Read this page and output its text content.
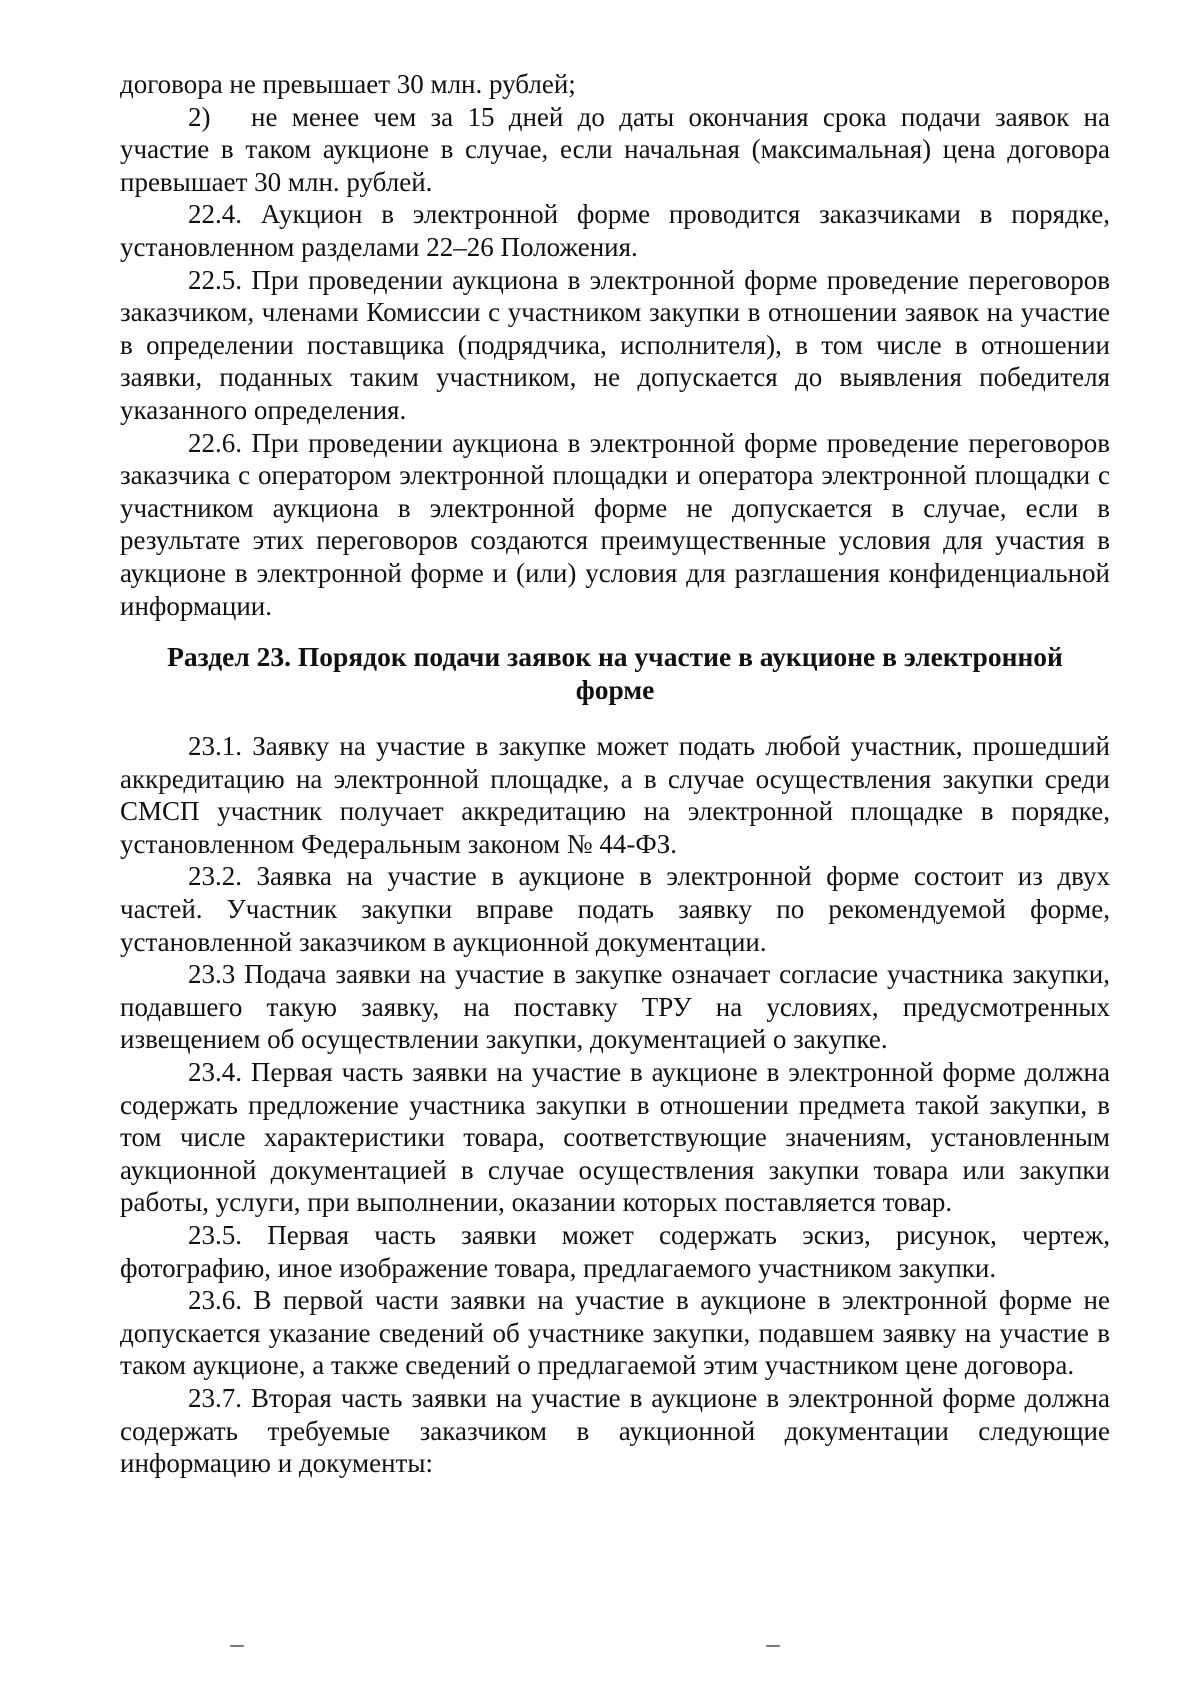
договора не превышает 30 млн. рублей;

2)  не менее чем за 15 дней до даты окончания срока подачи заявок на участие в таком аукционе в случае, если начальная (максимальная) цена договора превышает 30 млн. рублей.

22.4. Аукцион в электронной форме проводится заказчиками в порядке, установленном разделами 22–26 Положения.

22.5. При проведении аукциона в электронной форме проведение переговоров заказчиком, членами Комиссии с участником закупки в отношении заявок на участие в определении поставщика (подрядчика, исполнителя), в том числе в отношении заявки, поданных таким участником, не допускается до выявления победителя указанного определения.

22.6. При проведении аукциона в электронной форме проведение переговоров заказчика с оператором электронной площадки и оператора электронной площадки с участником аукциона в электронной форме не допускается в случае, если в результате этих переговоров создаются преимущественные условия для участия в аукционе в электронной форме и (или) условия для разглашения конфиденциальной информации.

Раздел 23. Порядок подачи заявок на участие в аукционе в электронной форме

23.1. Заявку на участие в закупке может подать любой участник, прошедший аккредитацию на электронной площадке, а в случае осуществления закупки среди СМСП участник получает аккредитацию на электронной площадке в порядке, установленном Федеральным законом № 44-ФЗ.

23.2. Заявка на участие в аукционе в электронной форме состоит из двух частей. Участник закупки вправе подать заявку по рекомендуемой форме, установленной заказчиком в аукционной документации.

23.3 Подача заявки на участие в закупке означает согласие участника закупки, подавшего такую заявку, на поставку ТРУ на условиях, предусмотренных извещением об осуществлении закупки, документацией о закупке.

23.4. Первая часть заявки на участие в аукционе в электронной форме должна содержать предложение участника закупки в отношении предмета такой закупки, в том числе характеристики товара, соответствующие значениям, установленным аукционной документацией в случае осуществления закупки товара или закупки работы, услуги, при выполнении, оказании которых поставляется товар.

23.5. Первая часть заявки может содержать эскиз, рисунок, чертеж, фотографию, иное изображение товара, предлагаемого участником закупки.

23.6. В первой части заявки на участие в аукционе в электронной форме не допускается указание сведений об участнике закупки, подавшем заявку на участие в таком аукционе, а также сведений о предлагаемой этим участником цене договора.

23.7. Вторая часть заявки на участие в аукционе в электронной форме должна содержать требуемые заказчиком в аукционной документации следующие информацию и документы:
